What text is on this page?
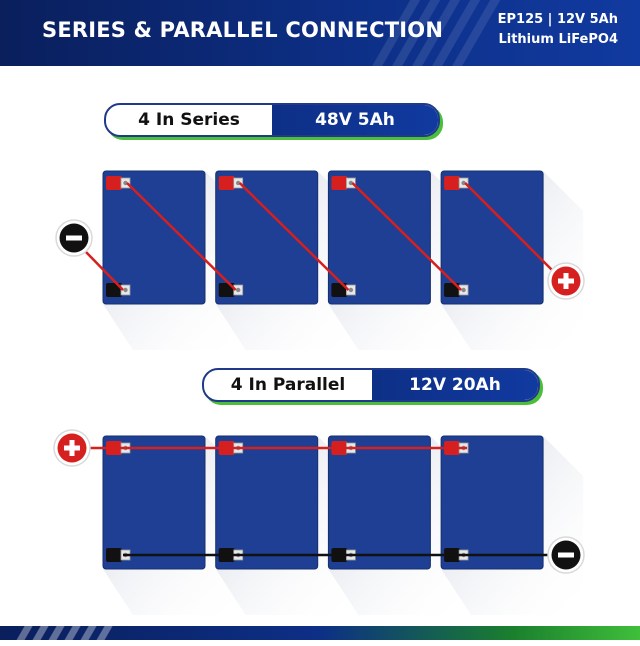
SERIES & PARALLEL CONNECTION	EP125 | 12V 5Ah
Lithium LiFePO4
4 In Series	48V 5Ah
4 In Parallel	12V 20Ah
